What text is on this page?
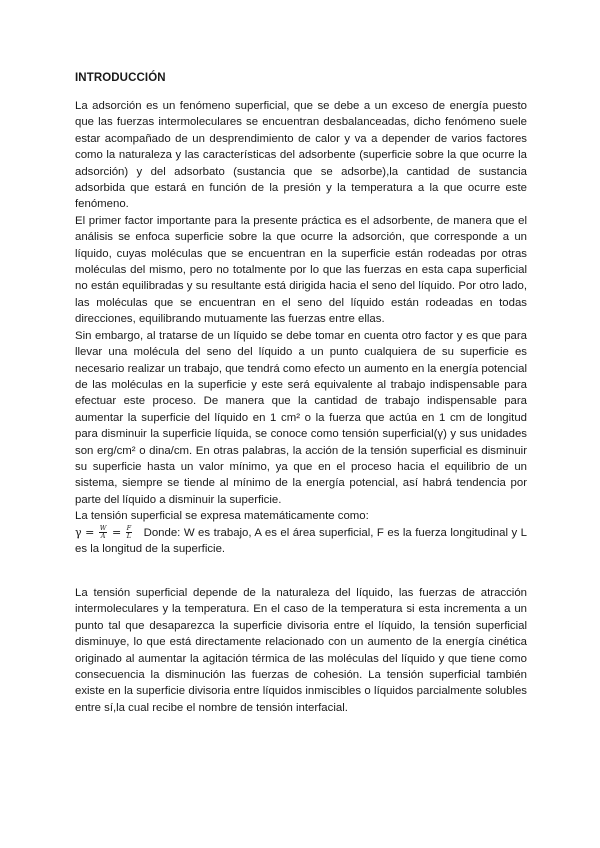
INTRODUCCIÓN

La adsorción es un fenómeno superficial, que se debe a un exceso de energía puesto que las fuerzas intermoleculares se encuentran desbalanceadas, dicho fenómeno suele estar acompañado de un desprendimiento de calor y va a depender de varios factores como la naturaleza y las características del adsorbente (superficie sobre la que ocurre la adsorción) y del adsorbato (sustancia que se adsorbe),la cantidad de sustancia adsorbida que estará en función de la presión y la temperatura a la que ocurre este fenómeno.

El primer factor importante para la presente práctica es el adsorbente, de manera que el análisis se enfoca superficie sobre la que ocurre la adsorción, que corresponde a un líquido, cuyas moléculas que se encuentran en la superficie están rodeadas por otras moléculas del mismo, pero no totalmente por lo que las fuerzas en esta capa superficial no están equilibradas y su resultante está dirigida hacia el seno del líquido. Por otro lado, las moléculas que se encuentran en el seno del líquido están rodeadas en todas direcciones, equilibrando mutuamente las fuerzas entre ellas.

Sin embargo, al tratarse de un líquido se debe tomar en cuenta otro factor y es que para llevar una molécula del seno del líquido a un punto cualquiera de su superficie es necesario realizar un trabajo, que tendrá como efecto un aumento en la energía potencial de las moléculas en la superficie y este será equivalente al trabajo indispensable para efectuar este proceso. De manera que la cantidad de trabajo indispensable para aumentar la superficie del líquido en 1 cm² o la fuerza que actúa en 1 cm de longitud para disminuir la superficie líquida, se conoce como tensión superficial(γ) y sus unidades son erg/cm² o dina/cm. En otras palabras, la acción de la tensión superficial es disminuir su superficie hasta un valor mínimo, ya que en el proceso hacia el equilibrio de un sistema, siempre se tiende al mínimo de la energía potencial, así habrá tendencia por parte del líquido a disminuir la superficie.

La tensión superficial se expresa matemáticamente como:

$\gamma = \frac{W}{A} = \frac{F}{L}$ Donde: W es trabajo, A es el área superficial, F es la fuerza longitudinal y L es la longitud de la superficie.

La tensión superficial depende de la naturaleza del líquido, las fuerzas de atracción intermoleculares y la temperatura. En el caso de la temperatura si esta incrementa a un punto tal que desaparezca la superficie divisoria entre el líquido, la tensión superficial disminuye, lo que está directamente relacionado con un aumento de la energía cinética originado al aumentar la agitación térmica de las moléculas del líquido y que tiene como consecuencia la disminución las fuerzas de cohesión. La tensión superficial también existe en la superficie divisoria entre líquidos inmiscibles o líquidos parcialmente solubles entre sí,la cual recibe el nombre de tensión interfacial.
